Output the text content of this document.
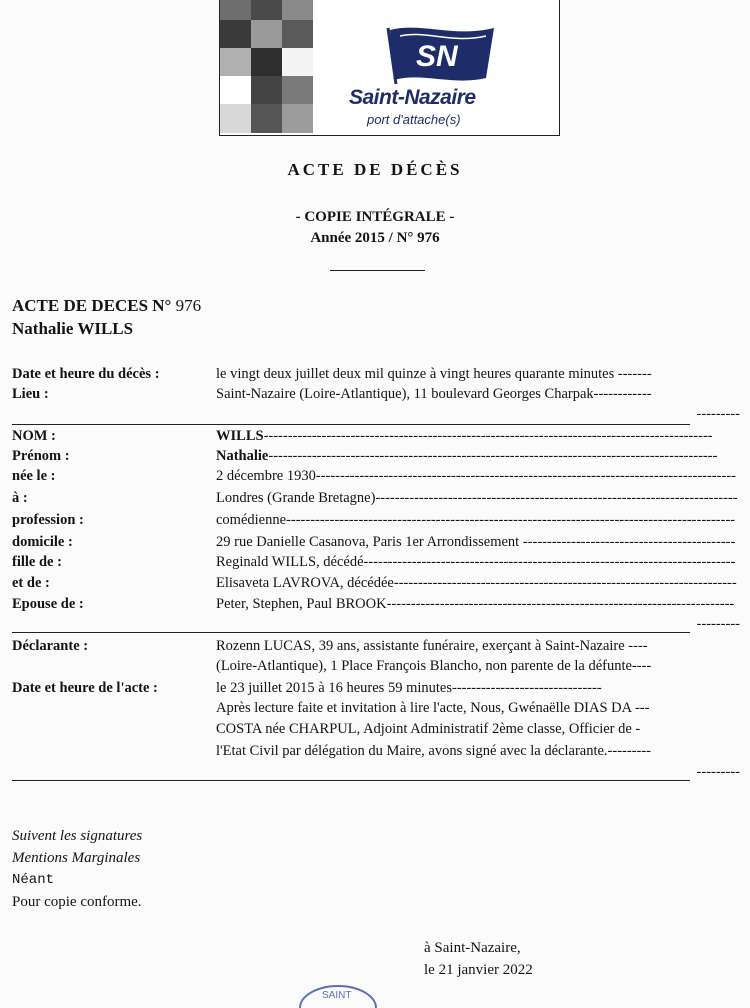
SN
Saint-Nazaire
port d'attache(s)
ACTE DE DÉCÈS
- COPIE INTÉGRALE -
Année 2015 / N° 976
ACTE DE DECES N° 976
Nathalie WILLS
Date et heure du décès :	le vingt deux juillet deux mil quinze à vingt heures quarante minutes -------
Lieu :	Saint-Nazaire (Loire-Atlantique), 11 boulevard Georges Charpak------------
---------
NOM :	WILLS---------------------------------------------------------------------------------------------
Prénom :	Nathalie---------------------------------------------------------------------------------------------
née le :	2 décembre 1930---------------------------------------------------------------------------------------
à :	Londres (Grande Bretagne)---------------------------------------------------------------------------
profession :	comédienne---------------------------------------------------------------------------------------------
domicile :	29 rue Danielle Casanova, Paris 1er Arrondissement --------------------------------------------
fille de :	Reginald WILLS, décédé-----------------------------------------------------------------------------
et de :	Elisaveta LAVROVA, décédée-----------------------------------------------------------------------
Epouse de :	Peter, Stephen, Paul BROOK------------------------------------------------------------------------
---------
Déclarante :	Rozenn LUCAS, 39 ans, assistante funéraire, exerçant à Saint-Nazaire ----
(Loire-Atlantique), 1 Place François Blancho, non parente de la défunte----
Date et heure de l'acte :	le 23 juillet 2015 à 16 heures 59 minutes-------------------------------
Après lecture faite et invitation à lire l'acte, Nous, Gwénaëlle DIAS DA ---
COSTA née CHARPUL, Adjoint Administratif 2ème classe, Officier de -
l'Etat Civil par délégation du Maire, avons signé avec la déclarante.---------
---------
Suivent les signatures
Mentions Marginales
Néant
Pour copie conforme.
à Saint-Nazaire,
le 21 janvier 2022
SAINT
